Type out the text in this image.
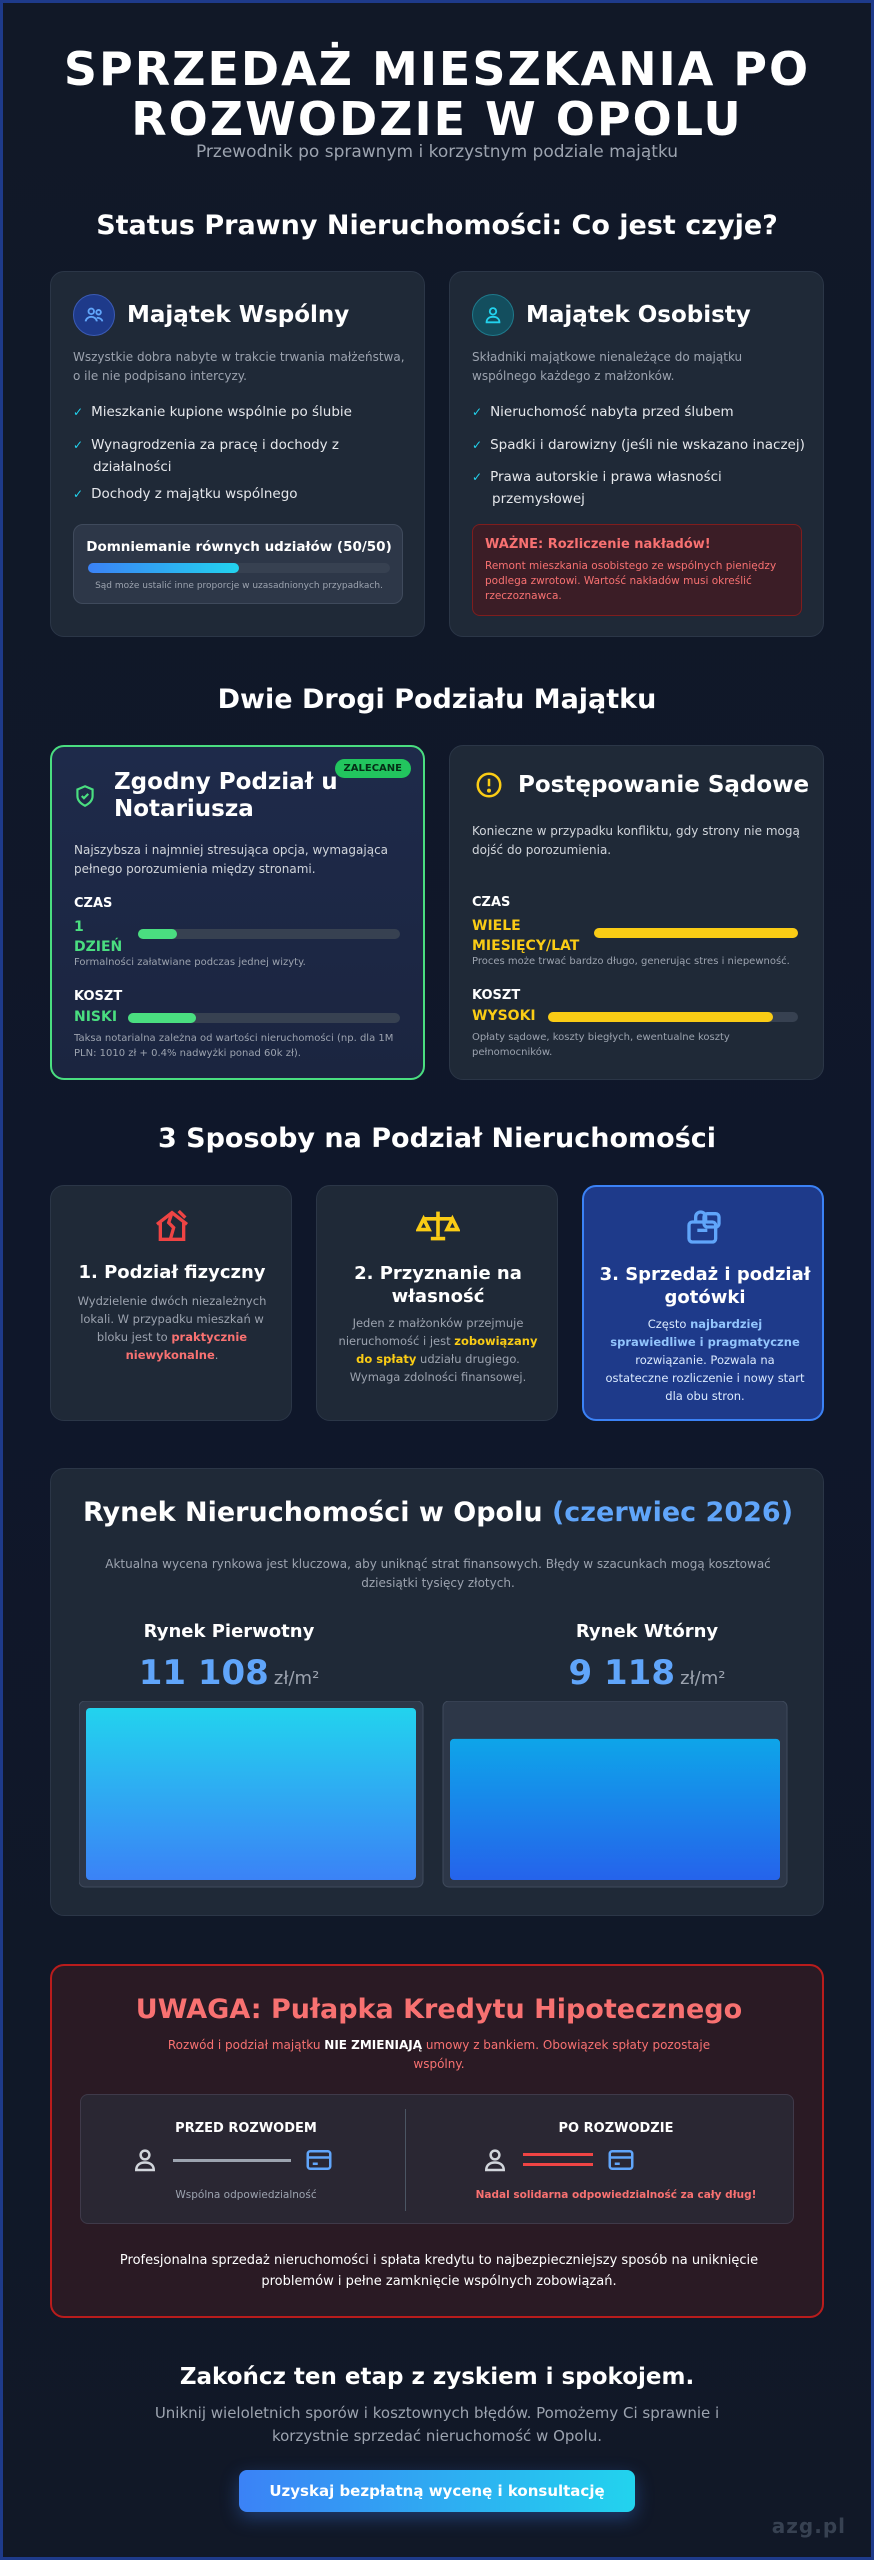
SPRZEDAŻ MIESZKANIA PO
ROZWODZIE W OPOLU
Przewodnik po sprawnym i korzystnym podziale majątku
Status Prawny Nieruchomości: Co jest czyje?
Majątek Wspólny
Wszystkie dobra nabyte w trakcie trwania małżeństwa,
o ile nie podpisano intercyzy.
✓ Mieszkanie kupione wspólnie po ślubie
✓ Wynagrodzenia za pracę i dochody z
działalności
✓ Dochody z majątku wspólnego
Domniemanie równych udziałów (50/50)
Sąd może ustalić inne proporcje w uzasadnionych przypadkach.
Majątek Osobisty
Składniki majątkowe nienależące do majątku
wspólnego każdego z małżonków.
✓ Nieruchomość nabyta przed ślubem
✓ Spadki i darowizny (jeśli nie wskazano inaczej)
✓ Prawa autorskie i prawa własności
przemysłowej
WAŻNE: Rozliczenie nakładów!
Remont mieszkania osobistego ze wspólnych pieniędzy
podlega zwrotowi. Wartość nakładów musi określić
rzeczoznawca.
Dwie Drogi Podziału Majątku
ZALECANE
Zgodny Podział u
Notariusza
Najszybsza i najmniej stresująca opcja, wymagająca
pełnego porozumienia między stronami.
CZAS
1
DZIEŃ
Formalności załatwiane podczas jednej wizyty.
KOSZT
NISKI
Taksa notarialna zależna od wartości nieruchomości (np. dla 1M
PLN: 1010 zł + 0.4% nadwyżki ponad 60k zł).
Postępowanie Sądowe
Konieczne w przypadku konfliktu, gdy strony nie mogą
dojść do porozumienia.
CZAS
WIELE
MIESIĘCY/LAT
Proces może trwać bardzo długo, generując stres i niepewność.
KOSZT
WYSOKI
Opłaty sądowe, koszty biegłych, ewentualne koszty
pełnomocników.
3 Sposoby na Podział Nieruchomości
1. Podział fizyczny
Wydzielenie dwóch niezależnych
lokali. W przypadku mieszkań w
bloku jest to praktycznie
niewykonalne.
2. Przyznanie na
własność
Jeden z małżonków przejmuje
nieruchomość i jest zobowiązany
do spłaty udziału drugiego.
Wymaga zdolności finansowej.
3. Sprzedaż i podział
gotówki
Często najbardziej
sprawiedliwe i pragmatyczne
rozwiązanie. Pozwala na
ostateczne rozliczenie i nowy start
dla obu stron.
Rynek Nieruchomości w Opolu (czerwiec 2026)
Aktualna wycena rynkowa jest kluczowa, aby uniknąć strat finansowych. Błędy w szacunkach mogą kosztować
dziesiątki tysięcy złotych.
Rynek Pierwotny
11 108 zł/m²
Rynek Wtórny
9 118 zł/m²
UWAGA: Pułapka Kredytu Hipotecznego
Rozwód i podział majątku NIE ZMIENIAJĄ umowy z bankiem. Obowiązek spłaty pozostaje
wspólny.
PRZED ROZWODEM
Wspólna odpowiedzialność
PO ROZWODZIE
Nadal solidarna odpowiedzialność za cały dług!
Profesjonalna sprzedaż nieruchomości i spłata kredytu to najbezpieczniejszy sposób na uniknięcie
problemów i pełne zamknięcie wspólnych zobowiązań.
Zakończ ten etap z zyskiem i spokojem.
Uniknij wieloletnich sporów i kosztownych błędów. Pomożemy Ci sprawnie i
korzystnie sprzedać nieruchomość w Opolu.
Uzyskaj bezpłatną wycenę i konsultację
azg.pl
